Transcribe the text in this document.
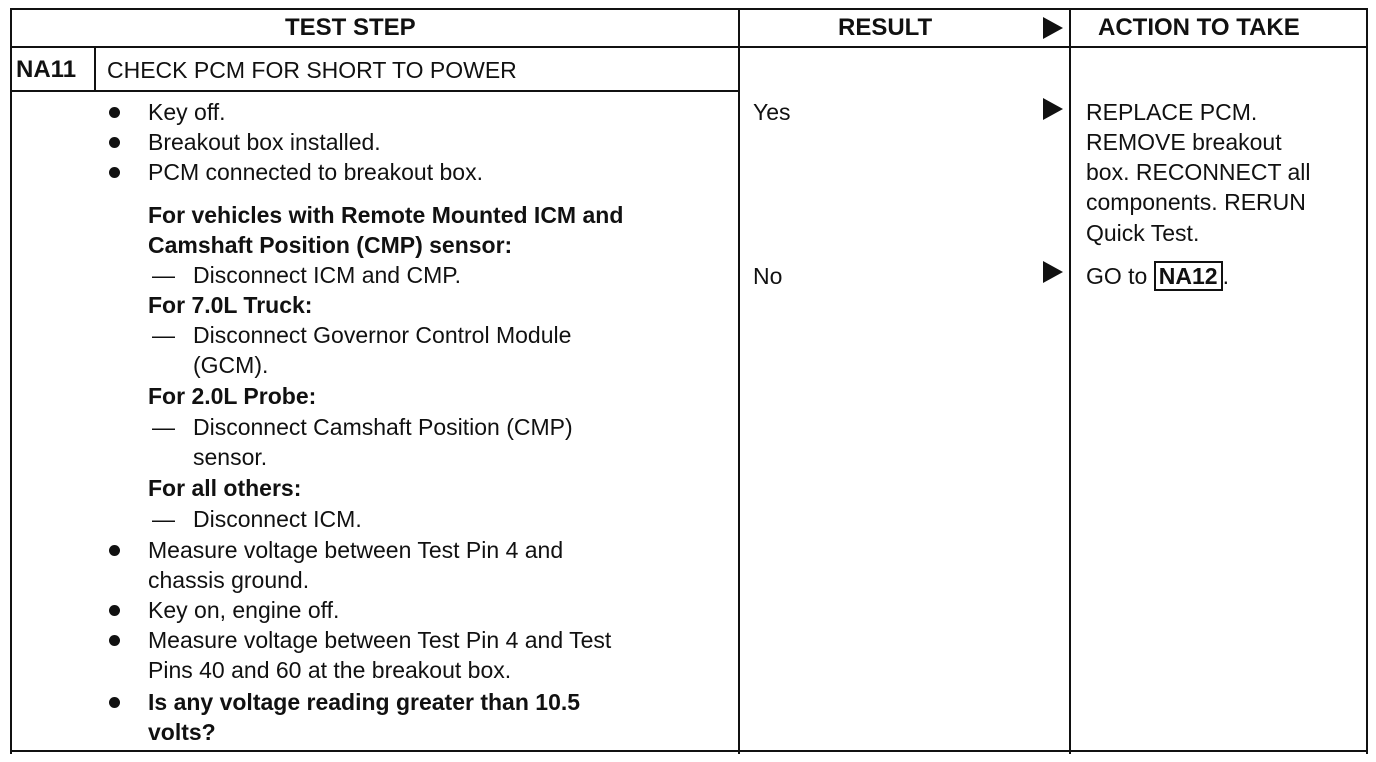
TEST STEP	RESULT	ACTION TO TAKE
NA11 CHECK PCM FOR SHORT TO POWER
Key off.
Breakout box installed.
PCM connected to breakout box.
For vehicles with Remote Mounted ICM and
Camshaft Position (CMP) sensor:
— Disconnect ICM and CMP.
For 7.0L Truck:
— Disconnect Governor Control Module
(GCM).
For 2.0L Probe:
— Disconnect Camshaft Position (CMP)
sensor.
For all others:
— Disconnect ICM.
Measure voltage between Test Pin 4 and
chassis ground.
Key on, engine off.
Measure voltage between Test Pin 4 and Test
Pins 40 and 60 at the breakout box.
Is any voltage reading greater than 10.5
volts?
Yes
No
REPLACE PCM.
REMOVE breakout
box. RECONNECT all
components. RERUN
Quick Test.
GO to NA12 .
